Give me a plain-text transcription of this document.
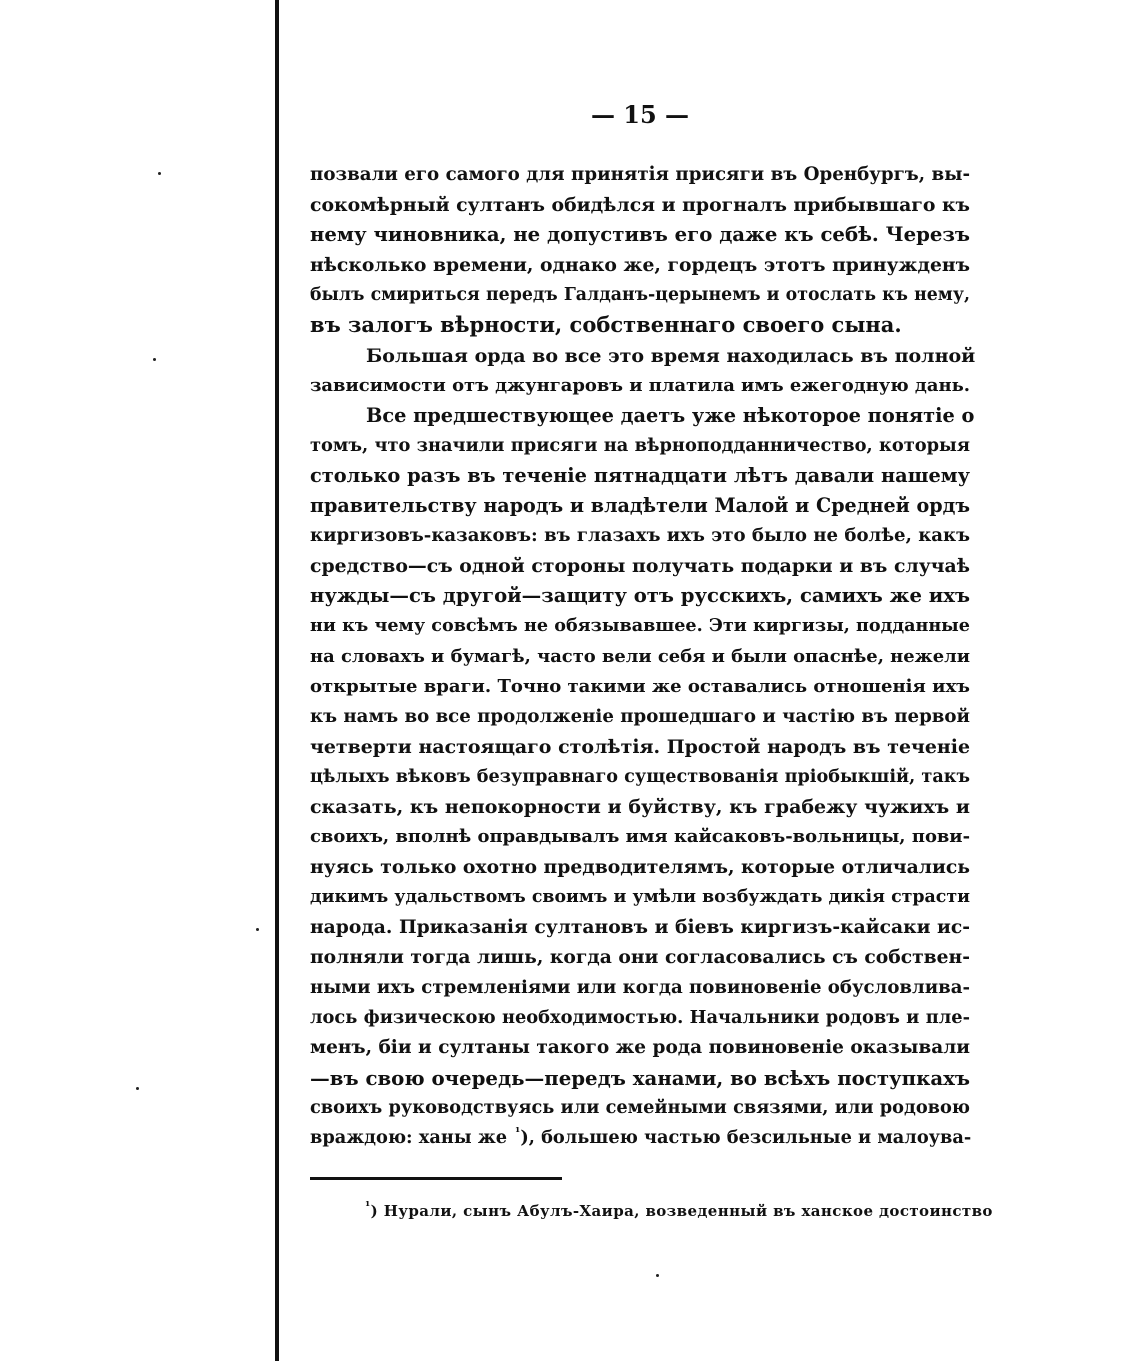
— 15 —
позвали его самого для принятія присяги въ Оренбургъ, вы-
сокомѣрный султанъ обидѣлся и прогналъ прибывшаго къ
нему чиновника, не допустивъ его даже къ себѣ. Черезъ
нѣсколько времени, однако же, гордецъ этотъ принужденъ
былъ смириться передъ Галданъ-церынемъ и отослать къ нему,
въ залогъ вѣрности, собственнаго своего сына.
Большая орда во все это время находилась въ полной
зависимости отъ джунгаровъ и платила имъ ежегодную дань.
Все предшествующее даетъ уже нѣкоторое понятіе о
томъ, что значили присяги на вѣрноподданничество, которыя
столько разъ въ теченіе пятнадцати лѣтъ давали нашему
правительству народъ и владѣтели Малой и Средней ордъ
киргизовъ-казаковъ: въ глазахъ ихъ это было не болѣе, какъ
средство—съ одной стороны получать подарки и въ случаѣ
нужды—съ другой—защиту отъ русскихъ, самихъ же ихъ
ни къ чему совсѣмъ не обязывавшее. Эти киргизы, подданные
на словахъ и бумагѣ, часто вели себя и были опаснѣе, нежели
открытые враги. Точно такими же оставались отношенія ихъ
къ намъ во все продолженіе прошедшаго и частію въ первой
четверти настоящаго столѣтія. Простой народъ въ теченіе
цѣлыхъ вѣковъ безуправнаго существованія пріобыкшій, такъ
сказать, къ непокорности и буйству, къ грабежу чужихъ и
своихъ, вполнѣ оправдывалъ имя кайсаковъ-вольницы, пови-
нуясь только охотно предводителямъ, которые отличались
дикимъ удальствомъ своимъ и умѣли возбуждать дикія страсти
народа. Приказанія султановъ и біевъ киргизъ-кайсаки ис-
полняли тогда лишь, когда они согласовались съ собствен-
ными ихъ стремленіями или когда повиновеніе обусловлива-
лось физическою необходимостью. Начальники родовъ и пле-
менъ, біи и султаны такого же рода повиновеніе оказывали
—въ свою очередь—передъ ханами, во всѣхъ поступкахъ
своихъ руководствуясь или семейными связями, или родовою
враждою: ханы же $^{^1}$), большею частью безсильные и малоува-
$^{^1}$) Нурали, сынъ Абулъ-Хаира, возведенный въ ханское достоинство
